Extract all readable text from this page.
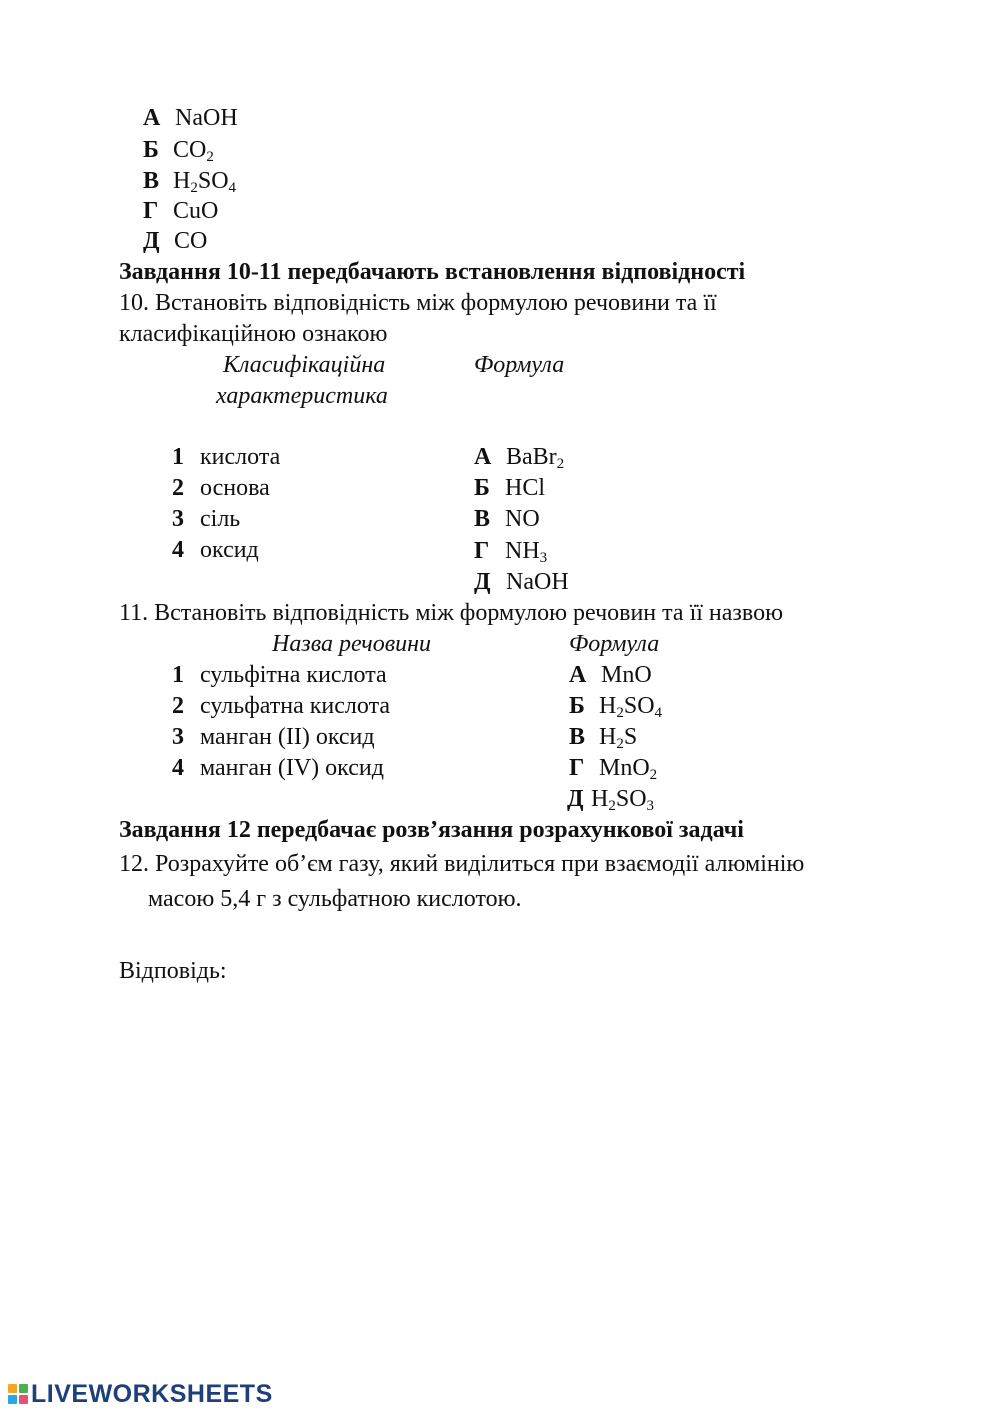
А NaOH
Б $CO_2$
В $H_2SO_4$
Г CuO
Д CO
Завдання 10-11 передбачають встановлення відповідності
10. Встановіть відповідність між формулою речовини та її
класифікаційною ознакою
Класифікаційна
характеристика
Формула
1 кислота
2 основа
3 сіль
4 оксид
А BaBr$_2$
Б HCl
В NO
Г $NH_3$
Д NaOH
11. Встановіть відповідність між формулою речовин та її назвою
Назва речовини	Формула
1 сульфітна кислота
2 сульфатна кислота
3 манган (II) оксид
4 манган (IV) оксид
А MnO
Б $H_2SO_4$
В $H_2S$
Г MnO$_2$
Д $H_2SO_3$
Завдання 12 передбачає розв’язання розрахункової задачі
12. Розрахуйте об’єм газу, який виділиться при взаємодії алюмінію
масою 5,4 г з сульфатною кислотою.
Відповідь:
LIVEWORKSHEETS
